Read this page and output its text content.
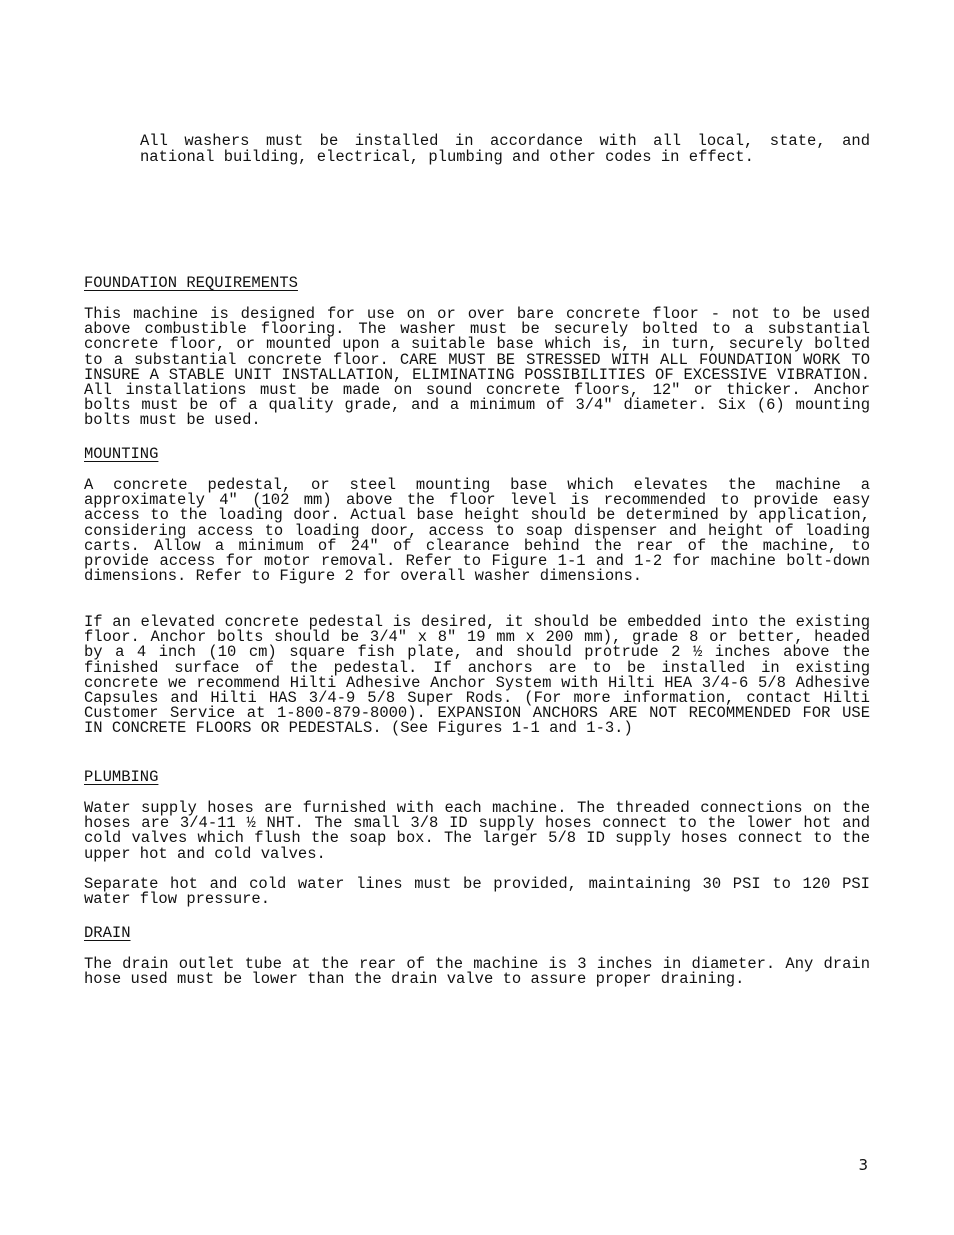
All washers must be installed in accordance with all local, state, and national building, electrical, plumbing and other codes in effect.

FOUNDATION REQUIREMENTS

This machine is designed for use on or over bare concrete floor - not to be used above combustible flooring. The washer must be securely bolted to a substantial concrete floor, or mounted upon a suitable base which is, in turn, securely bolted to a substantial concrete floor. CARE MUST BE STRESSED WITH ALL FOUNDATION WORK TO INSURE A STABLE UNIT INSTALLATION, ELIMINATING POSSIBILITIES OF EXCESSIVE VIBRATION. All installations must be made on sound concrete floors, 12" or thicker. Anchor bolts must be of a quality grade, and a minimum of 3/4" diameter. Six (6) mounting bolts must be used.

MOUNTING

A concrete pedestal, or steel mounting base which elevates the machine a approximately 4" (102 mm) above the floor level is recommended to provide easy access to the loading door. Actual base height should be determined by application, considering access to loading door, access to soap dispenser and height of loading carts. Allow a minimum of 24" of clearance behind the rear of the machine, to provide access for motor removal. Refer to Figure 1-1 and 1-2 for machine bolt-down dimensions. Refer to Figure 2 for overall washer dimensions.

If an elevated concrete pedestal is desired, it should be embedded into the existing floor. Anchor bolts should be 3/4" x 8" 19 mm x 200 mm), grade 8 or better, headed by a 4 inch (10 cm) square fish plate, and should protrude 2 ½ inches above the finished surface of the pedestal. If anchors are to be installed in existing concrete we recommend Hilti Adhesive Anchor System with Hilti HEA 3/4-6 5/8 Adhesive Capsules and Hilti HAS 3/4-9 5/8 Super Rods. (For more information, contact Hilti Customer Service at 1-800-879-8000). EXPANSION ANCHORS ARE NOT RECOMMENDED FOR USE IN CONCRETE FLOORS OR PEDESTALS. (See Figures 1-1 and 1-3.)

PLUMBING

Water supply hoses are furnished with each machine. The threaded connections on the hoses are 3/4-11 ½ NHT. The small 3/8 ID supply hoses connect to the lower hot and cold valves which flush the soap box. The larger 5/8 ID supply hoses connect to the upper hot and cold valves.

Separate hot and cold water lines must be provided, maintaining 30 PSI to 120 PSI water flow pressure.

DRAIN

The drain outlet tube at the rear of the machine is 3 inches in diameter. Any drain hose used must be lower than the drain valve to assure proper draining.

3
